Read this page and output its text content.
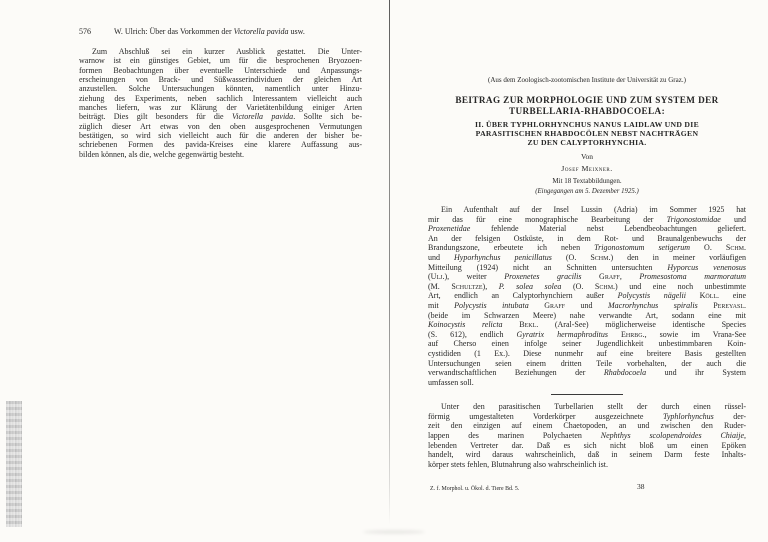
576	W. Ulrich: Über das Vorkommen der Victorella pavida usw.
Zum Abschluß sei ein kurzer Ausblick gestattet. Die Unter-
warnow ist ein günstiges Gebiet, um für die besprochenen Bryozoen-
formen Beobachtungen über eventuelle Unterschiede und Anpassungs-
erscheinungen von Brack- und Süßwasserindividuen der gleichen Art
anzustellen. Solche Untersuchungen könnten, namentlich unter Hinzu-
ziehung des Experiments, neben sachlich Interessantem vielleicht auch
manches liefern, was zur Klärung der Varietätenbildung einiger Arten
beiträgt. Dies gilt besonders für die Victorella pavida. Sollte sich be-
züglich dieser Art etwas von den oben ausgesprochenen Vermutungen
bestätigen, so wird sich vielleicht auch für die anderen der bisher be-
schriebenen Formen des pavida-Kreises eine klarere Auffassung aus-
bilden können, als die, welche gegenwärtig besteht.
(Aus dem Zoologisch-zootomischen Institute der Universität zu Graz.)
BEITRAG ZUR MORPHOLOGIE UND ZUM SYSTEM DER
TURBELLARIA-RHABDOCOELA:
II. ÜBER TYPHLORHYNCHUS NANUS LAIDLAW UND DIE
PARASITISCHEN RHABDOCÖLEN NEBST NACHTRÄGEN
ZU DEN CALYPTORHYNCHIA.
Von
Josef Meixner.
Mit 18 Textabbildungen.
(Eingegangen am 5. Dezember 1925.)
Ein Aufenthalt auf der Insel Lussin (Adria) im Sommer 1925 hat
mir das für eine monographische Bearbeitung der Trigonostomidae und
Proxenetidae fehlende Material nebst Lebendbeobachtungen geliefert.
An der felsigen Ostküste, in dem Rot- und Braunalgenbewuchs der
Brandungszone, erbeutete ich neben Trigonostomum setigerum O. Schm.
und Hyporhynchus penicillatus (O. Schm.) den in meiner vorläufigen
Mitteilung (1924) nicht an Schnitten untersuchten Hyporcus venenosus
(Ulj.), weiter Proxenetes gracilis Graff, Promesostoma marmoratum
(M. Schultze), P. solea solea (O. Schm.) und eine noch unbestimmte
Art, endlich an Calyptorhynchiern außer Polycystis nägelii Köll. eine
mit Polycystis intubata Graff und Macrorhynchus spiralis Pereyasl.
(beide im Schwarzen Meere) nahe verwandte Art, sodann eine mit
Koinocystis relicta Bekl. (Aral-See) möglicherweise identische Species
(S. 612), endlich Gyratrix hermaphroditus Ehrbg., sowie im Vrana-See
auf Cherso einen infolge seiner Jugendlichkeit unbestimmbaren Koin-
cystididen (1 Ex.). Diese nunmehr auf eine breitere Basis gestellten
Untersuchungen seien einem dritten Teile vorbehalten, der auch die
verwandtschaftlichen Beziehungen der Rhabdocoela und ihr System
umfassen soll.
Unter den parasitischen Turbellarien stellt der durch einen rüssel-
förmig umgestalteten Vorderkörper ausgezeichnete Typhlorhynchus der-
zeit den einzigen auf einem Chaetopoden, an und zwischen den Ruder-
lappen des marinen Polychaeten Nephthys scolopendroides Chiaije,
lebenden Vertreter dar. Daß es sich nicht bloß um einen Epöken
handelt, wird daraus wahrscheinlich, daß in seinem Darm feste Inhalts-
körper stets fehlen, Blutnahrung also wahrscheinlich ist.
Z. f. Morphol. u. Ökol. d. Tiere Bd. 5.	38
